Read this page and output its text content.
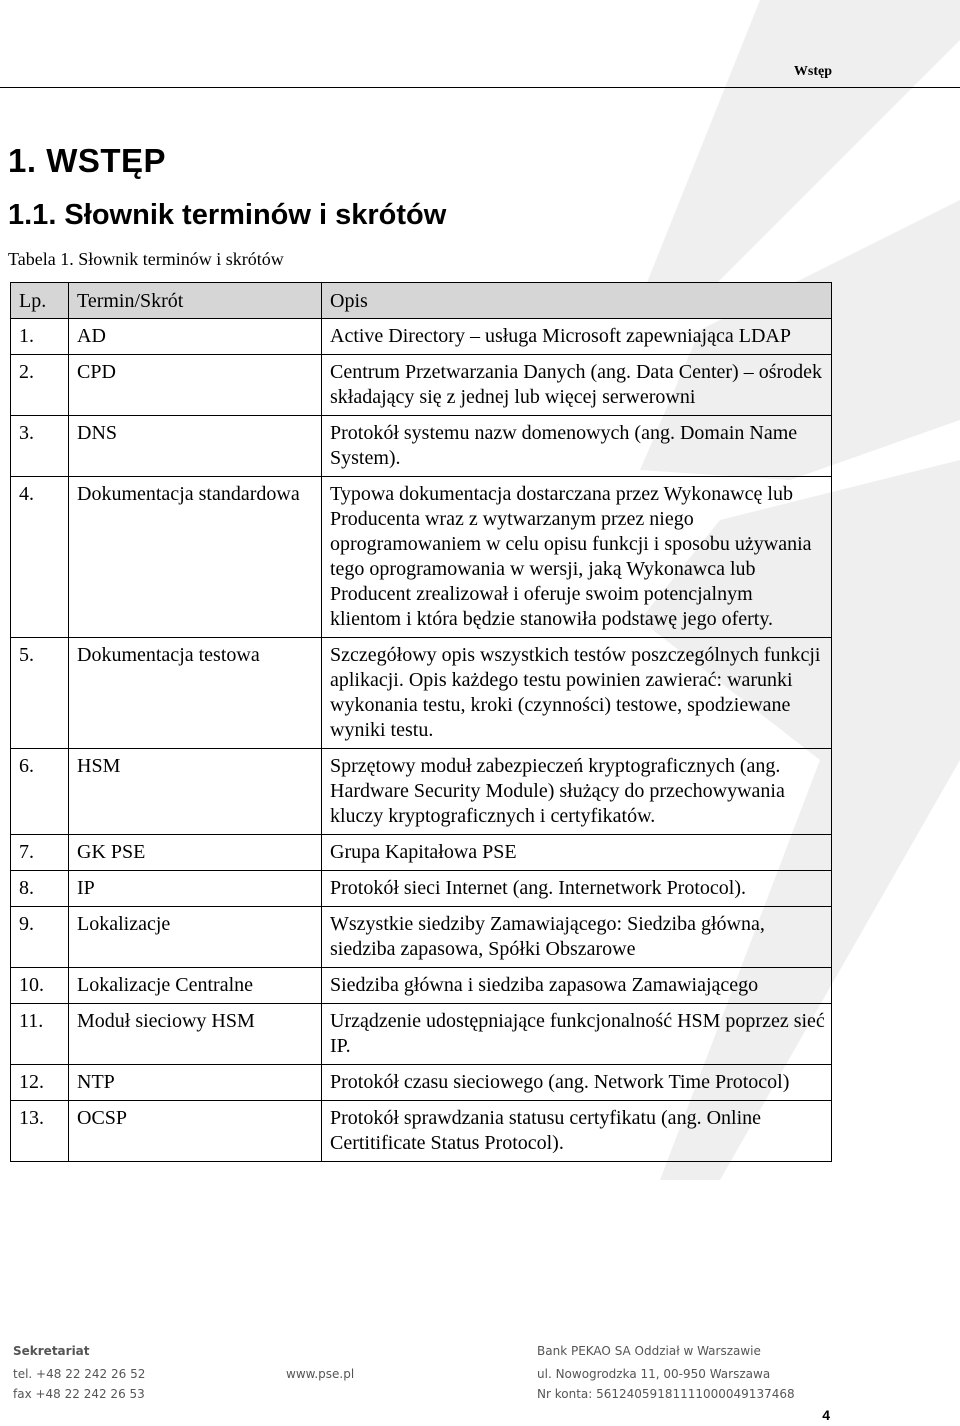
Wstęp
1. WSTĘP
1.1. Słownik terminów i skrótów
Tabela 1. Słownik terminów i skrótów
Lp.	Termin/Skrót	Opis
1.	AD	Active Directory – usługa Microsoft zapewniająca LDAP
2.	CPD	Centrum Przetwarzania Danych (ang. Data Center) – ośrodek składający się z jednej lub więcej serwerowni
3.	DNS	Protokół systemu nazw domenowych (ang. Domain Name System).
4.	Dokumentacja standardowa	Typowa dokumentacja dostarczana przez Wykonawcę lub Producenta wraz z wytwarzanym przez niego oprogramowaniem w celu opisu funkcji i sposobu używania tego oprogramowania w wersji, jaką Wykonawca lub Producent zrealizował i oferuje swoim potencjalnym klientom i która będzie stanowiła podstawę jego oferty.
5.	Dokumentacja testowa	Szczegółowy opis wszystkich testów poszczególnych funkcji aplikacji. Opis każdego testu powinien zawierać: warunki wykonania testu, kroki (czynności) testowe, spodziewane wyniki testu.
6.	HSM	Sprzętowy moduł zabezpieczeń kryptograficznych (ang. Hardware Security Module) służący do przechowywania kluczy kryptograficznych i certyfikatów.
7.	GK PSE	Grupa Kapitałowa PSE
8.	IP	Protokół sieci Internet (ang. Internetwork Protocol).
9.	Lokalizacje	Wszystkie siedziby Zamawiającego: Siedziba główna, siedziba zapasowa, Spółki Obszarowe
10.	Lokalizacje Centralne	Siedziba główna i siedziba zapasowa Zamawiającego
11.	Moduł sieciowy HSM	Urządzenie udostępniające funkcjonalność HSM poprzez sieć IP.
12.	NTP	Protokół czasu sieciowego (ang. Network Time Protocol)
13.	OCSP	Protokół sprawdzania statusu certyfikatu (ang. Online Certitificate Status Protocol).
Sekretariat
tel. +48 22 242 26 52
fax +48 22 242 26 53
www.pse.pl
Bank PEKAO SA Oddział w Warszawie
ul. Nowogrodzka 11, 00-950 Warszawa
Nr konta: 56124059181111000049137468
4
